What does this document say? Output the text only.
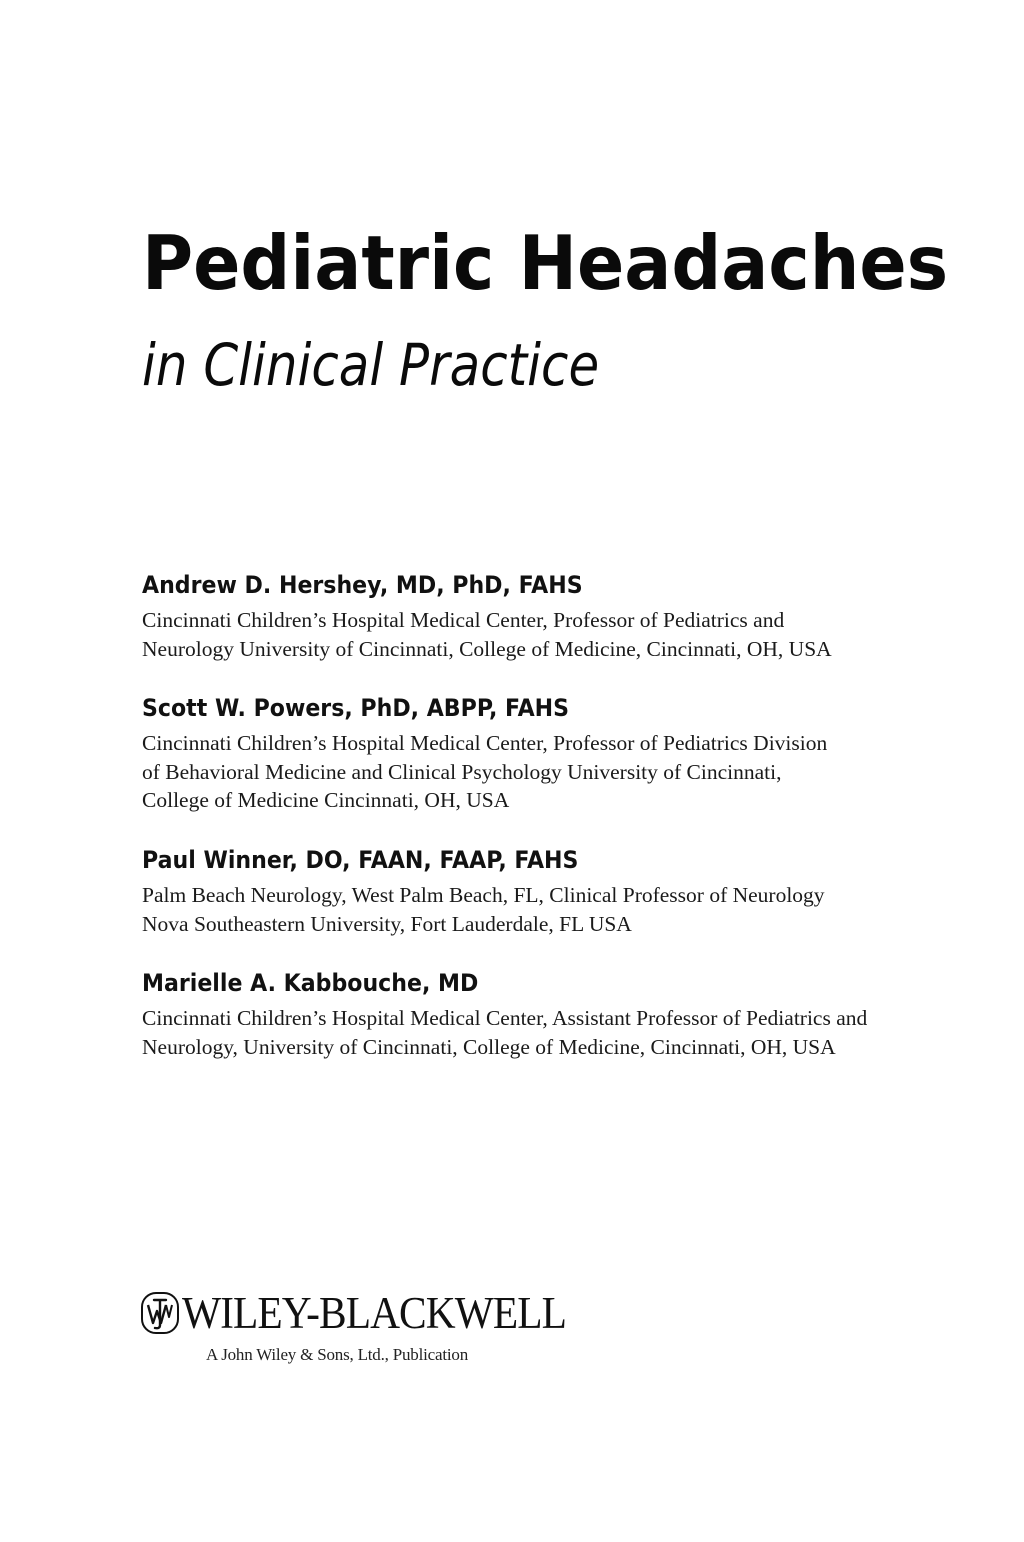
Pediatric Headaches
in Clinical Practice

Andrew D. Hershey, MD, PhD, FAHS

Cincinnati Children’s Hospital Medical Center, Professor of Pediatrics and
Neurology University of Cincinnati, College of Medicine, Cincinnati, OH, USA

Scott W. Powers, PhD, ABPP, FAHS

Cincinnati Children’s Hospital Medical Center, Professor of Pediatrics Division
of Behavioral Medicine and Clinical Psychology University of Cincinnati,
College of Medicine Cincinnati, OH, USA

Paul Winner, DO, FAAN, FAAP, FAHS

Palm Beach Neurology, West Palm Beach, FL, Clinical Professor of Neurology
Nova Southeastern University, Fort Lauderdale, FL USA

Marielle A. Kabbouche, MD

Cincinnati Children’s Hospital Medical Center, Assistant Professor of Pediatrics and
Neurology, University of Cincinnati, College of Medicine, Cincinnati, OH, USA

WILEY-BLACKWELL
A John Wiley & Sons, Ltd., Publication
